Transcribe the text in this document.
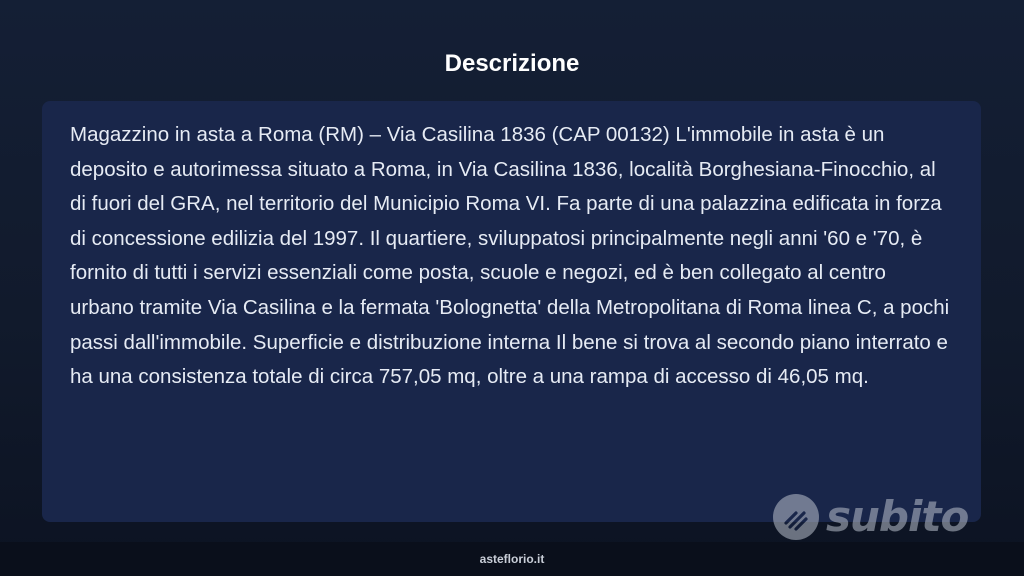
Descrizione

Magazzino in asta a Roma (RM) – Via Casilina 1836 (CAP 00132) L'immobile in asta è un deposito e autorimessa situato a Roma, in Via Casilina 1836, località Borghesiana-Finocchio, al di fuori del GRA, nel territorio del Municipio Roma VI. Fa parte di una palazzina edificata in forza di concessione edilizia del 1997. Il quartiere, sviluppatosi principalmente negli anni '60 e '70, è fornito di tutti i servizi essenziali come posta, scuole e negozi, ed è ben collegato al centro urbano tramite Via Casilina e la fermata 'Bolognetta' della Metropolitana di Roma linea C, a pochi passi dall'immobile. Superficie e distribuzione interna Il bene si trova al secondo piano interrato e ha una consistenza totale di circa 757,05 mq, oltre a una rampa di accesso di 46,05 mq.

subito
asteflorio.it
